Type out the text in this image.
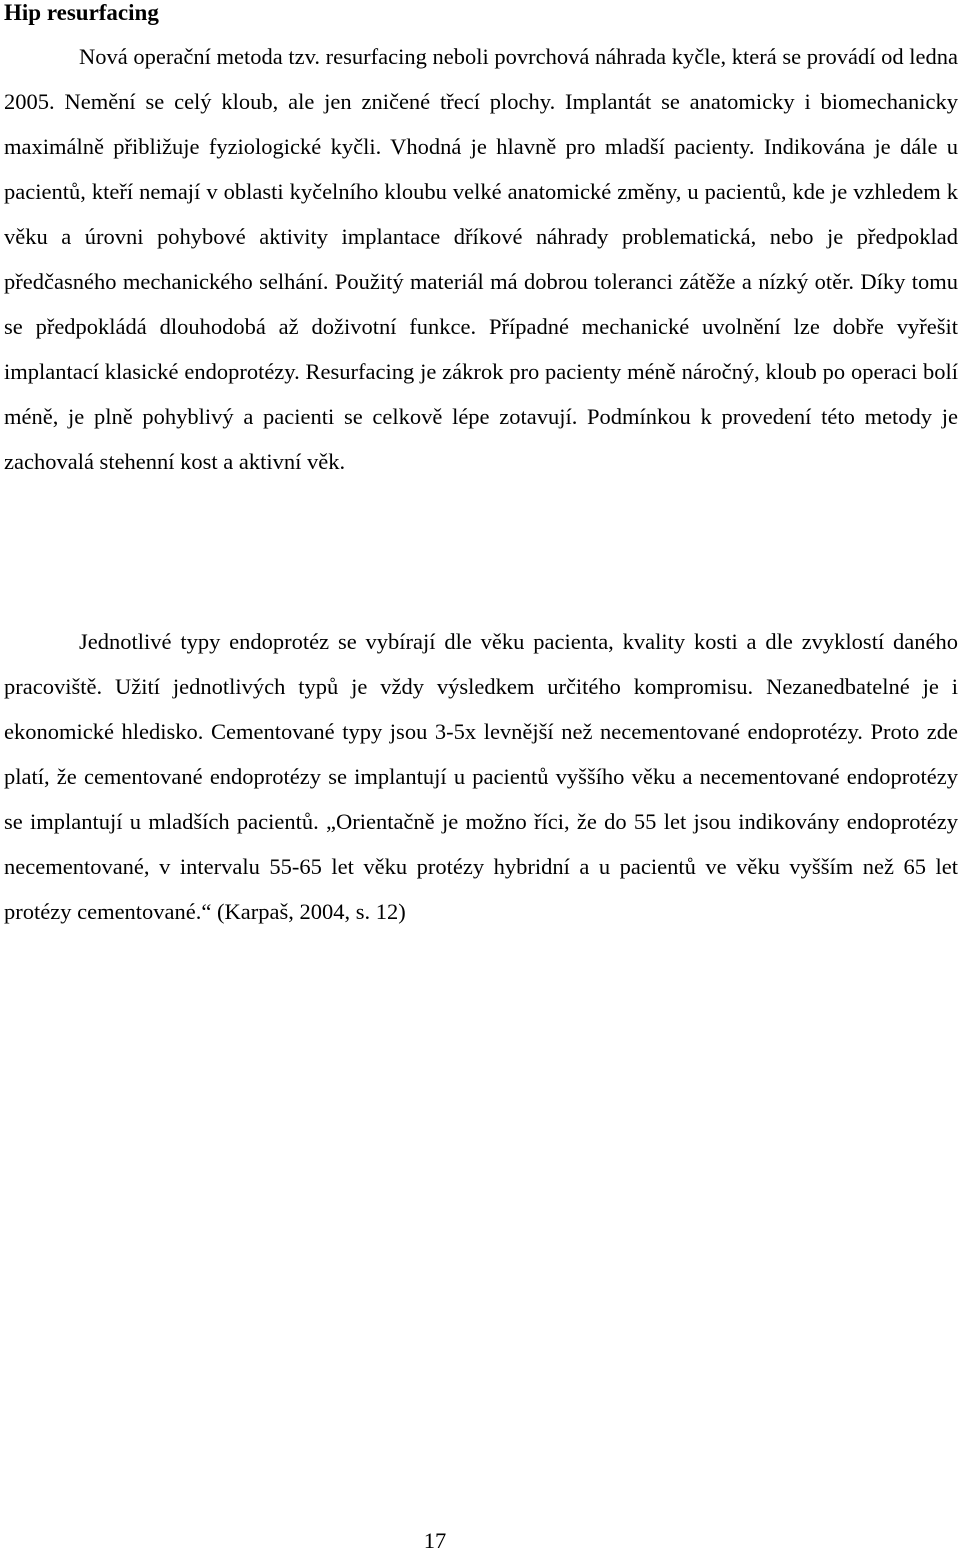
Hip resurfacing

Nová operační metoda tzv. resurfacing neboli povrchová náhrada kyčle, která se provádí od ledna 2005. Nemění se celý kloub, ale jen zničené třecí plochy. Implantát se anatomicky i biomechanicky maximálně přibližuje fyziologické kyčli. Vhodná je hlavně pro mladší pacienty. Indikována je dále u pacientů, kteří nemají v oblasti kyčelního kloubu velké anatomické změny, u pacientů, kde je vzhledem k věku a úrovni pohybové aktivity implantace dříkové náhrady problematická, nebo je předpoklad předčasného mechanického selhání. Použitý materiál má dobrou toleranci zátěže a nízký otěr. Díky tomu se předpokládá dlouhodobá až doživotní funkce. Případné mechanické uvolnění lze dobře vyřešit implantací klasické endoprotézy. Resurfacing je zákrok pro pacienty méně náročný, kloub po operaci bolí méně, je plně pohyblivý a pacienti se celkově lépe zotavují. Podmínkou k provedení této metody je zachovalá stehenní kost a aktivní věk.

Jednotlivé typy endoprotéz se vybírají dle věku pacienta, kvality kosti a dle zvyklostí daného pracoviště. Užití jednotlivých typů je vždy výsledkem určitého kompromisu. Nezanedbatelné je i ekonomické hledisko. Cementované typy jsou 3-5x levnější než necementované endoprotézy. Proto zde platí, že cementované endoprotézy se implantují u pacientů vyššího věku a necementované endoprotézy se implantují u mladších pacientů. „Orientačně je možno říci, že do 55 let jsou indikovány endoprotézy necementované, v intervalu 55-65 let věku protézy hybridní a u pacientů ve věku vyšším než 65 let protézy cementované.“ (Karpaš, 2004, s. 12)

17
